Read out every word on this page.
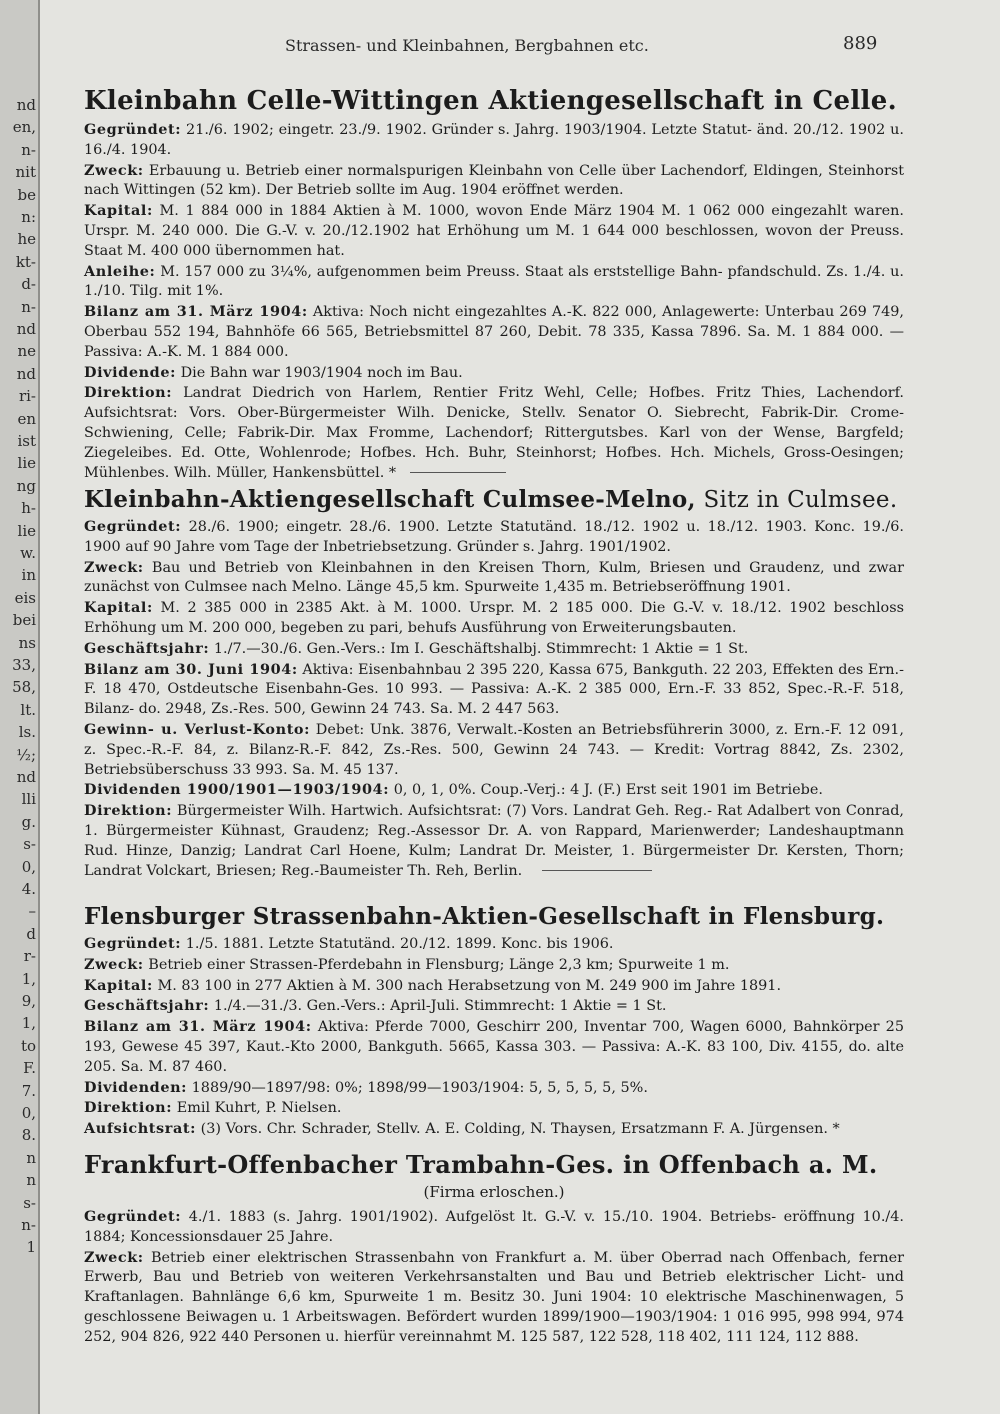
nd
en,
n-
nit
be
n:
he
kt-
d-
n-
nd
ne
nd
ri-
en
ist
lie
ng
h-
lie
w.
in
eis
bei
ns
33,
58,
lt.
ls.
½;
nd
lli
g.
s-
0,
4.
–
d
r-
1,
9,
1,
to
F.
7.
0,
8.
n
n
s-
n-
1
Strassen- und Kleinbahnen, Bergbahnen etc.	889
Kleinbahn Celle-Wittingen Aktiengesellschaft in Celle.

Gegründet: 21./6. 1902; eingetr. 23./9. 1902. Gründer s. Jahrg. 1903/1904. Letzte Statut- änd. 20./12. 1902 u. 16./4. 1904.

Zweck: Erbauung u. Betrieb einer normalspurigen Kleinbahn von Celle über Lachendorf, Eldingen, Steinhorst nach Wittingen (52 km). Der Betrieb sollte im Aug. 1904 eröffnet werden.

Kapital: M. 1 884 000 in 1884 Aktien à M. 1000, wovon Ende März 1904 M. 1 062 000 eingezahlt waren. Urspr. M. 240 000. Die G.-V. v. 20./12.1902 hat Erhöhung um M. 1 644 000 beschlossen, wovon der Preuss. Staat M. 400 000 übernommen hat.

Anleihe: M. 157 000 zu 3¼%, aufgenommen beim Preuss. Staat als erststellige Bahn- pfandschuld. Zs. 1./4. u. 1./10. Tilg. mit 1%.

Bilanz am 31. März 1904: Aktiva: Noch nicht eingezahltes A.-K. 822 000, Anlagewerte: Unterbau 269 749, Oberbau 552 194, Bahnhöfe 66 565, Betriebsmittel 87 260, Debit. 78 335, Kassa 7896. Sa. M. 1 884 000. — Passiva: A.-K. M. 1 884 000.

Dividende: Die Bahn war 1903/1904 noch im Bau.

Direktion: Landrat Diedrich von Harlem, Rentier Fritz Wehl, Celle; Hofbes. Fritz Thies, Lachendorf. Aufsichtsrat: Vors. Ober-Bürgermeister Wilh. Denicke, Stellv. Senator O. Siebrecht, Fabrik-Dir. Crome-Schwiening, Celle; Fabrik-Dir. Max Fromme, Lachendorf; Rittergutsbes. Karl von der Wense, Bargfeld; Ziegeleibes. Ed. Otte, Wohlenrode; Hofbes. Hch. Buhr, Steinhorst; Hofbes. Hch. Michels, Gross-Oesingen; Mühlenbes. Wilh. Müller, Hankensbüttel. *

Kleinbahn-Aktiengesellschaft Culmsee-Melno, Sitz in Culmsee.

Gegründet: 28./6. 1900; eingetr. 28./6. 1900. Letzte Statutänd. 18./12. 1902 u. 18./12. 1903. Konc. 19./6. 1900 auf 90 Jahre vom Tage der Inbetriebsetzung. Gründer s. Jahrg. 1901/1902.

Zweck: Bau und Betrieb von Kleinbahnen in den Kreisen Thorn, Kulm, Briesen und Graudenz, und zwar zunächst von Culmsee nach Melno. Länge 45,5 km. Spurweite 1,435 m. Betriebseröffnung 1901.

Kapital: M. 2 385 000 in 2385 Akt. à M. 1000. Urspr. M. 2 185 000. Die G.-V. v. 18./12. 1902 beschloss Erhöhung um M. 200 000, begeben zu pari, behufs Ausführung von Erweiterungsbauten.

Geschäftsjahr: 1./7.—30./6. Gen.-Vers.: Im I. Geschäftshalbj. Stimmrecht: 1 Aktie = 1 St.

Bilanz am 30. Juni 1904: Aktiva: Eisenbahnbau 2 395 220, Kassa 675, Bankguth. 22 203, Effekten des Ern.-F. 18 470, Ostdeutsche Eisenbahn-Ges. 10 993. — Passiva: A.-K. 2 385 000, Ern.-F. 33 852, Spec.-R.-F. 518, Bilanz- do. 2948, Zs.-Res. 500, Gewinn 24 743. Sa. M. 2 447 563.

Gewinn- u. Verlust-Konto: Debet: Unk. 3876, Verwalt.-Kosten an Betriebsführerin 3000, z. Ern.-F. 12 091, z. Spec.-R.-F. 84, z. Bilanz-R.-F. 842, Zs.-Res. 500, Gewinn 24 743. — Kredit: Vortrag 8842, Zs. 2302, Betriebsüberschuss 33 993. Sa. M. 45 137.

Dividenden 1900/1901—1903/1904: 0, 0, 1, 0%. Coup.-Verj.: 4 J. (F.) Erst seit 1901 im Betriebe.

Direktion: Bürgermeister Wilh. Hartwich. Aufsichtsrat: (7) Vors. Landrat Geh. Reg.- Rat Adalbert von Conrad, 1. Bürgermeister Kühnast, Graudenz; Reg.-Assessor Dr. A. von Rappard, Marienwerder; Landeshauptmann Rud. Hinze, Danzig; Landrat Carl Hoene, Kulm; Landrat Dr. Meister, 1. Bürgermeister Dr. Kersten, Thorn; Landrat Volckart, Briesen; Reg.-Baumeister Th. Reh, Berlin.

Flensburger Strassenbahn-Aktien-Gesellschaft in Flensburg.

Gegründet: 1./5. 1881. Letzte Statutänd. 20./12. 1899. Konc. bis 1906.

Zweck: Betrieb einer Strassen-Pferdebahn in Flensburg; Länge 2,3 km; Spurweite 1 m.

Kapital: M. 83 100 in 277 Aktien à M. 300 nach Herabsetzung von M. 249 900 im Jahre 1891.

Geschäftsjahr: 1./4.—31./3. Gen.-Vers.: April-Juli. Stimmrecht: 1 Aktie = 1 St.

Bilanz am 31. März 1904: Aktiva: Pferde 7000, Geschirr 200, Inventar 700, Wagen 6000, Bahnkörper 25 193, Gewese 45 397, Kaut.-Kto 2000, Bankguth. 5665, Kassa 303. — Passiva: A.-K. 83 100, Div. 4155, do. alte 205. Sa. M. 87 460.

Dividenden: 1889/90—1897/98: 0%; 1898/99—1903/1904: 5, 5, 5, 5, 5, 5%.

Direktion: Emil Kuhrt, P. Nielsen.

Aufsichtsrat: (3) Vors. Chr. Schrader, Stellv. A. E. Colding, N. Thaysen, Ersatzmann F. A. Jürgensen. *

Frankfurt-Offenbacher Trambahn-Ges. in Offenbach a. M.
(Firma erloschen.)

Gegründet: 4./1. 1883 (s. Jahrg. 1901/1902). Aufgelöst lt. G.-V. v. 15./10. 1904. Betriebs- eröffnung 10./4. 1884; Koncessionsdauer 25 Jahre.

Zweck: Betrieb einer elektrischen Strassenbahn von Frankfurt a. M. über Oberrad nach Offenbach, ferner Erwerb, Bau und Betrieb von weiteren Verkehrsanstalten und Bau und Betrieb elektrischer Licht- und Kraftanlagen. Bahnlänge 6,6 km, Spurweite 1 m. Besitz 30. Juni 1904: 10 elektrische Maschinenwagen, 5 geschlossene Beiwagen u. 1 Arbeitswagen. Befördert wurden 1899/1900—1903/1904: 1 016 995, 998 994, 974 252, 904 826, 922 440 Personen u. hierfür vereinnahmt M. 125 587, 122 528, 118 402, 111 124, 112 888.
